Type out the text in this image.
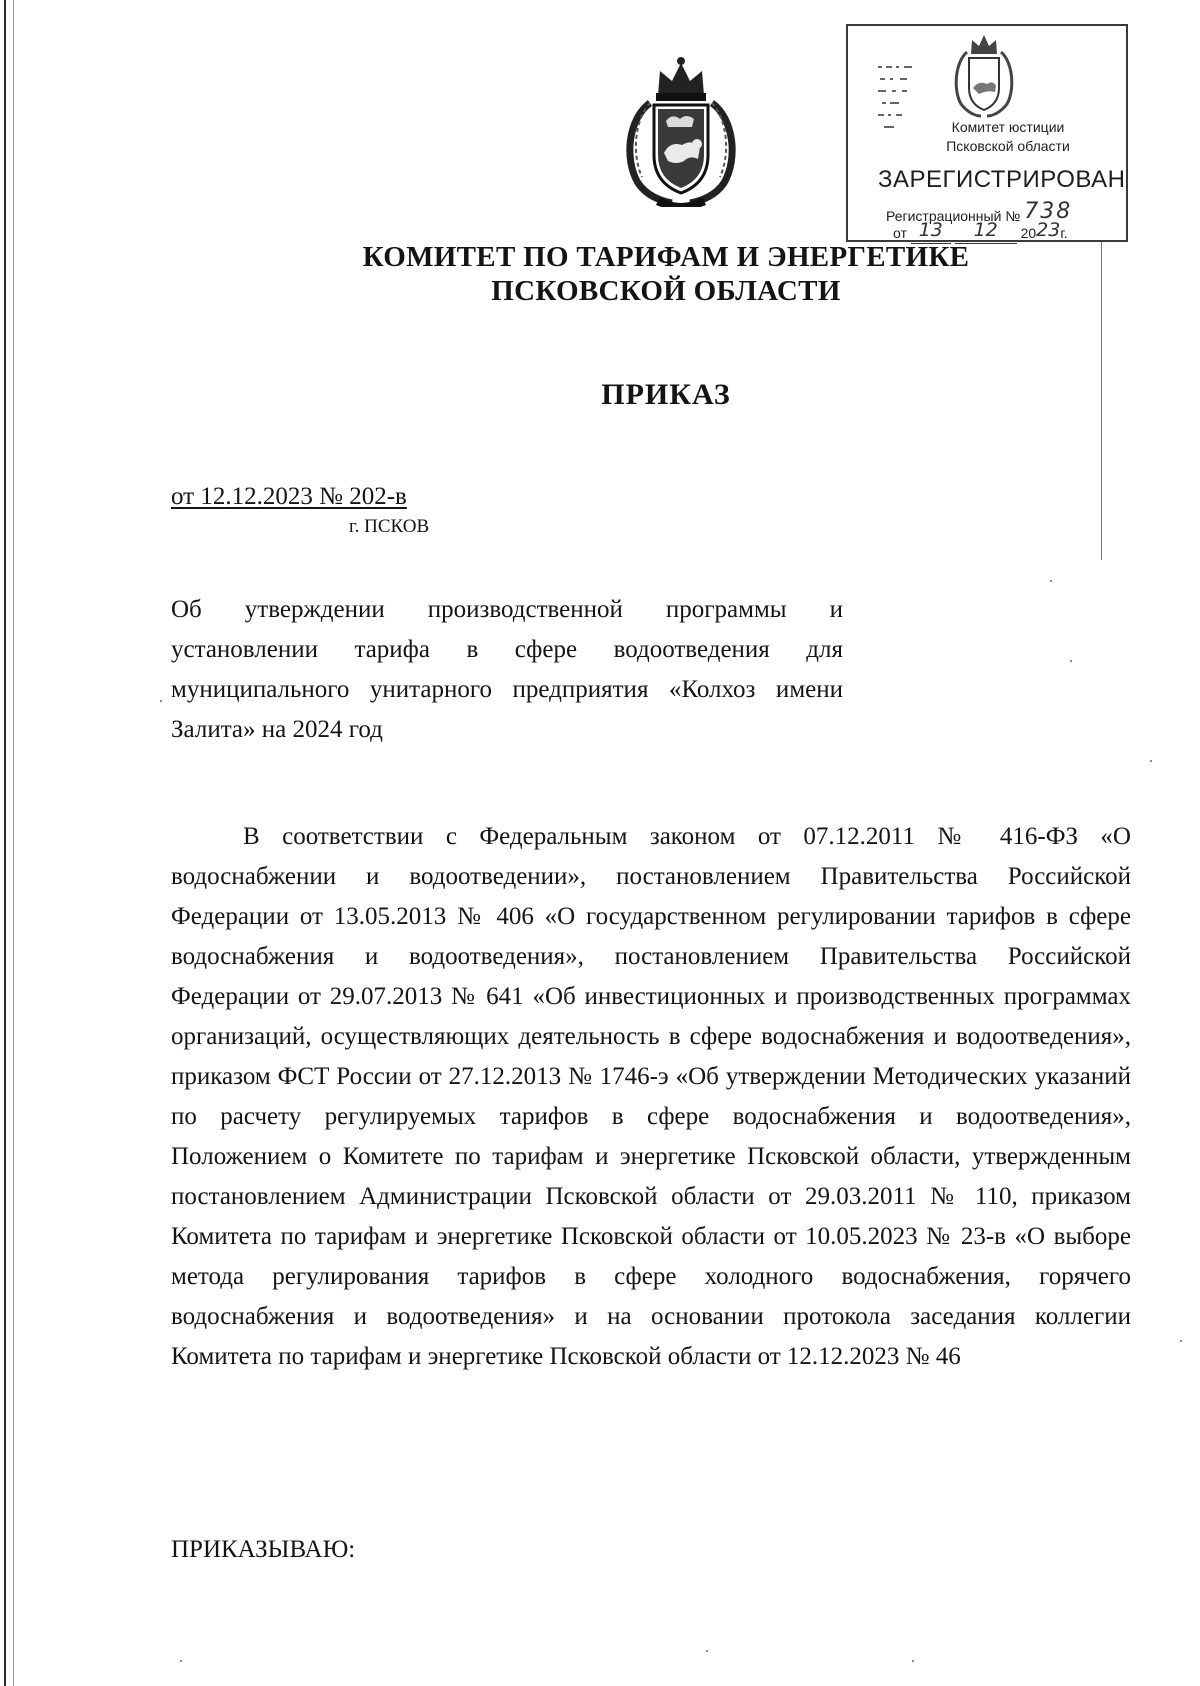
Комитет юстиции
Псковской области
ЗАРЕГИСТРИРОВАН
Регистрационный № 738
от 13 12 2023г.
КОМИТЕТ ПО ТАРИФАМ И ЭНЕРГЕТИКЕ
ПСКОВСКОЙ ОБЛАСТИ
ПРИКАЗ
от 12.12.2023 № 202-в
г. ПСКОВ
Об утверждении производственной программы и установлении тарифа в сфере водоотведения для муниципального унитарного предприятия «Колхоз имени Залита» на 2024 год
В соответствии с Федеральным законом от 07.12.2011 № 416-ФЗ «О водоснабжении и водоотведении», постановлением Правительства Российской Федерации от 13.05.2013 № 406 «О государственном регулировании тарифов в сфере водоснабжения и водоотведения», постановлением Правительства Российской Федерации от 29.07.2013 № 641 «Об инвестиционных и производственных программах организаций, осуществляющих деятельность в сфере водоснабжения и водоотведения», приказом ФСТ России от 27.12.2013 № 1746-э «Об утверждении Методических указаний по расчету регулируемых тарифов в сфере водоснабжения и водоотведения», Положением о Комитете по тарифам и энергетике Псковской области, утвержденным постановлением Администрации Псковской области от 29.03.2011 № 110, приказом Комитета по тарифам и энергетике Псковской области от 10.05.2023 № 23-в «О выборе метода регулирования тарифов в сфере холодного водоснабжения, горячего водоснабжения и водоотведения» и на основании протокола заседания коллегии Комитета по тарифам и энергетике Псковской области от 12.12.2023 № 46
ПРИКАЗЫВАЮ:
